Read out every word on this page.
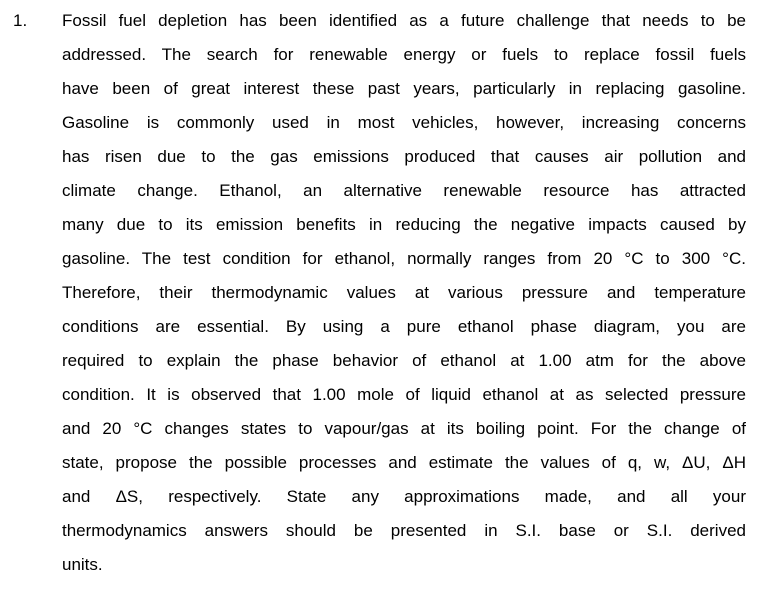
1. Fossil fuel depletion has been identified as a future challenge that needs to be
addressed. The search for renewable energy or fuels to replace fossil fuels
have been of great interest these past years, particularly in replacing gasoline.
Gasoline is commonly used in most vehicles, however, increasing concerns
has risen due to the gas emissions produced that causes air pollution and
climate change. Ethanol, an alternative renewable resource has attracted
many due to its emission benefits in reducing the negative impacts caused by
gasoline. The test condition for ethanol, normally ranges from 20 °C to 300 °C.
Therefore, their thermodynamic values at various pressure and temperature
conditions are essential. By using a pure ethanol phase diagram, you are
required to explain the phase behavior of ethanol at 1.00 atm for the above
condition. It is observed that 1.00 mole of liquid ethanol at as selected pressure
and 20 °C changes states to vapour/gas at its boiling point. For the change of
state, propose the possible processes and estimate the values of q, w, ΔU, ΔH
and ΔS, respectively. State any approximations made, and all your
thermodynamics answers should be presented in S.I. base or S.I. derived
units.
